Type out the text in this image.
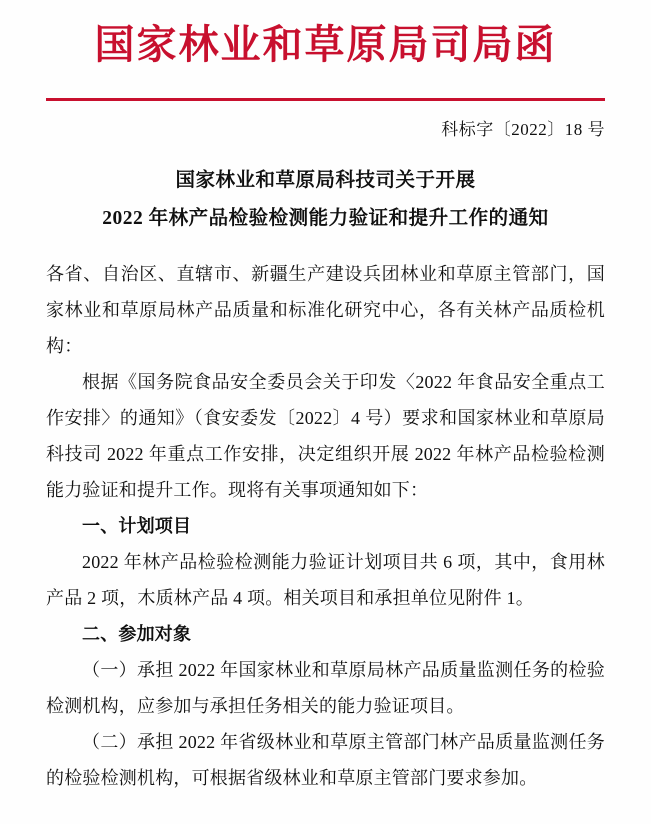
国家林业和草原局司局函
科标字〔2022〕18 号
国家林业和草原局科技司关于开展
2022 年林产品检验检测能力验证和提升工作的通知

各省、自治区、直辖市、新疆生产建设兵团林业和草原主管部门，国家林业和草原局林产品质量和标准化研究中心，各有关林产品质检机构：

根据《国务院食品安全委员会关于印发〈2022 年食品安全重点工作安排〉的通知》（食安委发〔2022〕4 号）要求和国家林业和草原局科技司 2022 年重点工作安排，决定组织开展 2022 年林产品检验检测能力验证和提升工作。现将有关事项通知如下：

一、计划项目

2022 年林产品检验检测能力验证计划项目共 6 项，其中，食用林产品 2 项，木质林产品 4 项。相关项目和承担单位见附件 1。

二、参加对象

（一）承担 2022 年国家林业和草原局林产品质量监测任务的检验检测机构，应参加与承担任务相关的能力验证项目。

（二）承担 2022 年省级林业和草原主管部门林产品质量监测任务的检验检测机构，可根据省级林业和草原主管部门要求参加。
